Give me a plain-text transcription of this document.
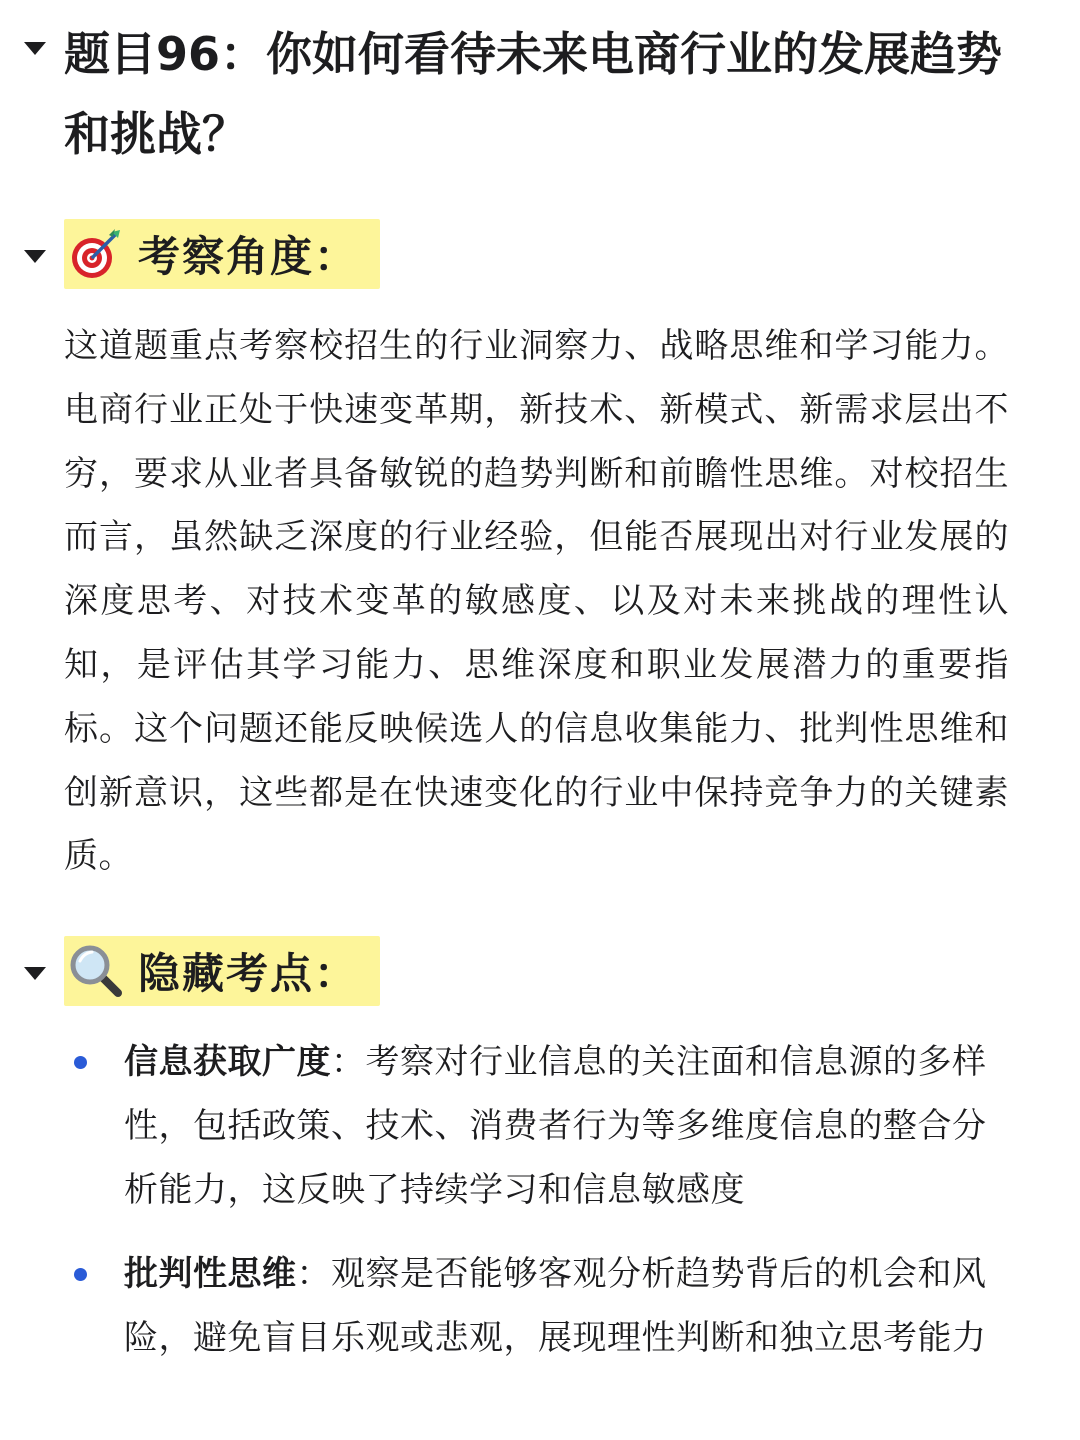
题目96：你如何看待未来电商行业的发展趋势和挑战？
考察角度：
这道题重点考察校招生的行业洞察力、战略思维和学习能力。电商行业正处于快速变革期，新技术、新模式、新需求层出不穷，要求从业者具备敏锐的趋势判断和前瞻性思维。对校招生而言，虽然缺乏深度的行业经验，但能否展现出对行业发展的深度思考、对技术变革的敏感度、以及对未来挑战的理性认知，是评估其学习能力、思维深度和职业发展潜力的重要指标。这个问题还能反映候选人的信息收集能力、批判性思维和创新意识，这些都是在快速变化的行业中保持竞争力的关键素质。
隐藏考点：
信息获取广度：考察对行业信息的关注面和信息源的多样性，包括政策、技术、消费者行为等多维度信息的整合分析能力，这反映了持续学习和信息敏感度
批判性思维：观察是否能够客观分析趋势背后的机会和风险，避免盲目乐观或悲观，展现理性判断和独立思考能力
